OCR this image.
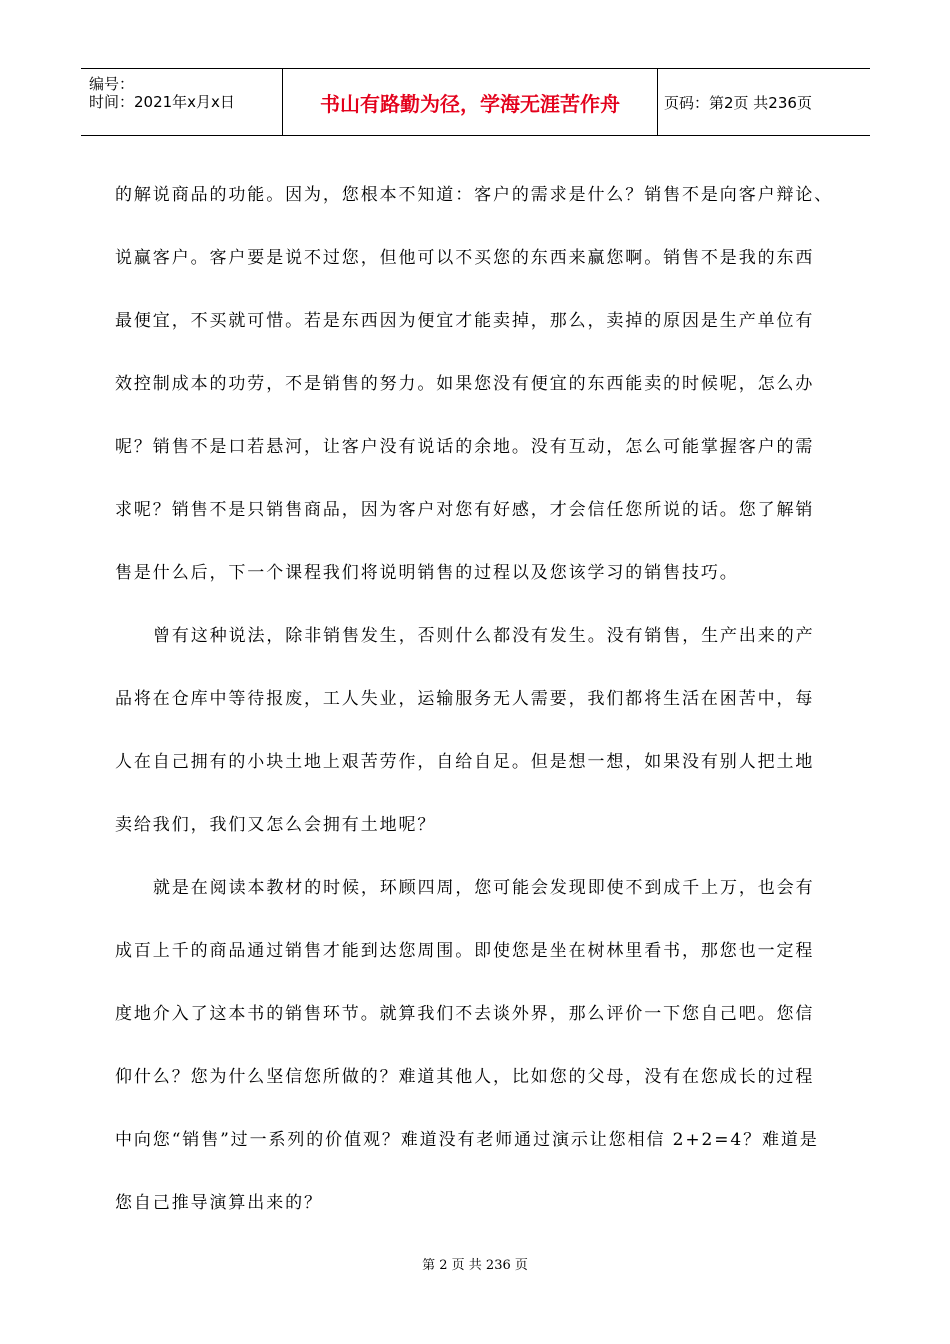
编号：
时间：2021年x月x日	书山有路勤为径，学海无涯苦作舟	页码：第2页 共236页
的解说商品的功能。因为，您根本不知道：客户的需求是什么？销售不是向客户辩论、
说赢客户。客户要是说不过您，但他可以不买您的东西来赢您啊。销售不是我的东西
最便宜，不买就可惜。若是东西因为便宜才能卖掉，那么，卖掉的原因是生产单位有
效控制成本的功劳，不是销售的努力。如果您没有便宜的东西能卖的时候呢，怎么办
呢？销售不是口若悬河，让客户没有说话的余地。没有互动，怎么可能掌握客户的需
求呢？销售不是只销售商品，因为客户对您有好感，才会信任您所说的话。您了解销
售是什么后，下一个课程我们将说明销售的过程以及您该学习的销售技巧。
曾有这种说法，除非销售发生，否则什么都没有发生。没有销售，生产出来的产
品将在仓库中等待报废，工人失业，运输服务无人需要，我们都将生活在困苦中，每
人在自己拥有的小块土地上艰苦劳作，自给自足。但是想一想，如果没有别人把土地
卖给我们，我们又怎么会拥有土地呢？
就是在阅读本教材的时候，环顾四周，您可能会发现即使不到成千上万，也会有
成百上千的商品通过销售才能到达您周围。即使您是坐在树林里看书，那您也一定程
度地介入了这本书的销售环节。就算我们不去谈外界，那么评价一下您自己吧。您信
仰什么？您为什么坚信您所做的？难道其他人，比如您的父母，没有在您成长的过程
中向您“销售”过一系列的价值观？难道没有老师通过演示让您相信 2+2=4？难道是
您自己推导演算出来的？
第 2 页 共 236 页
